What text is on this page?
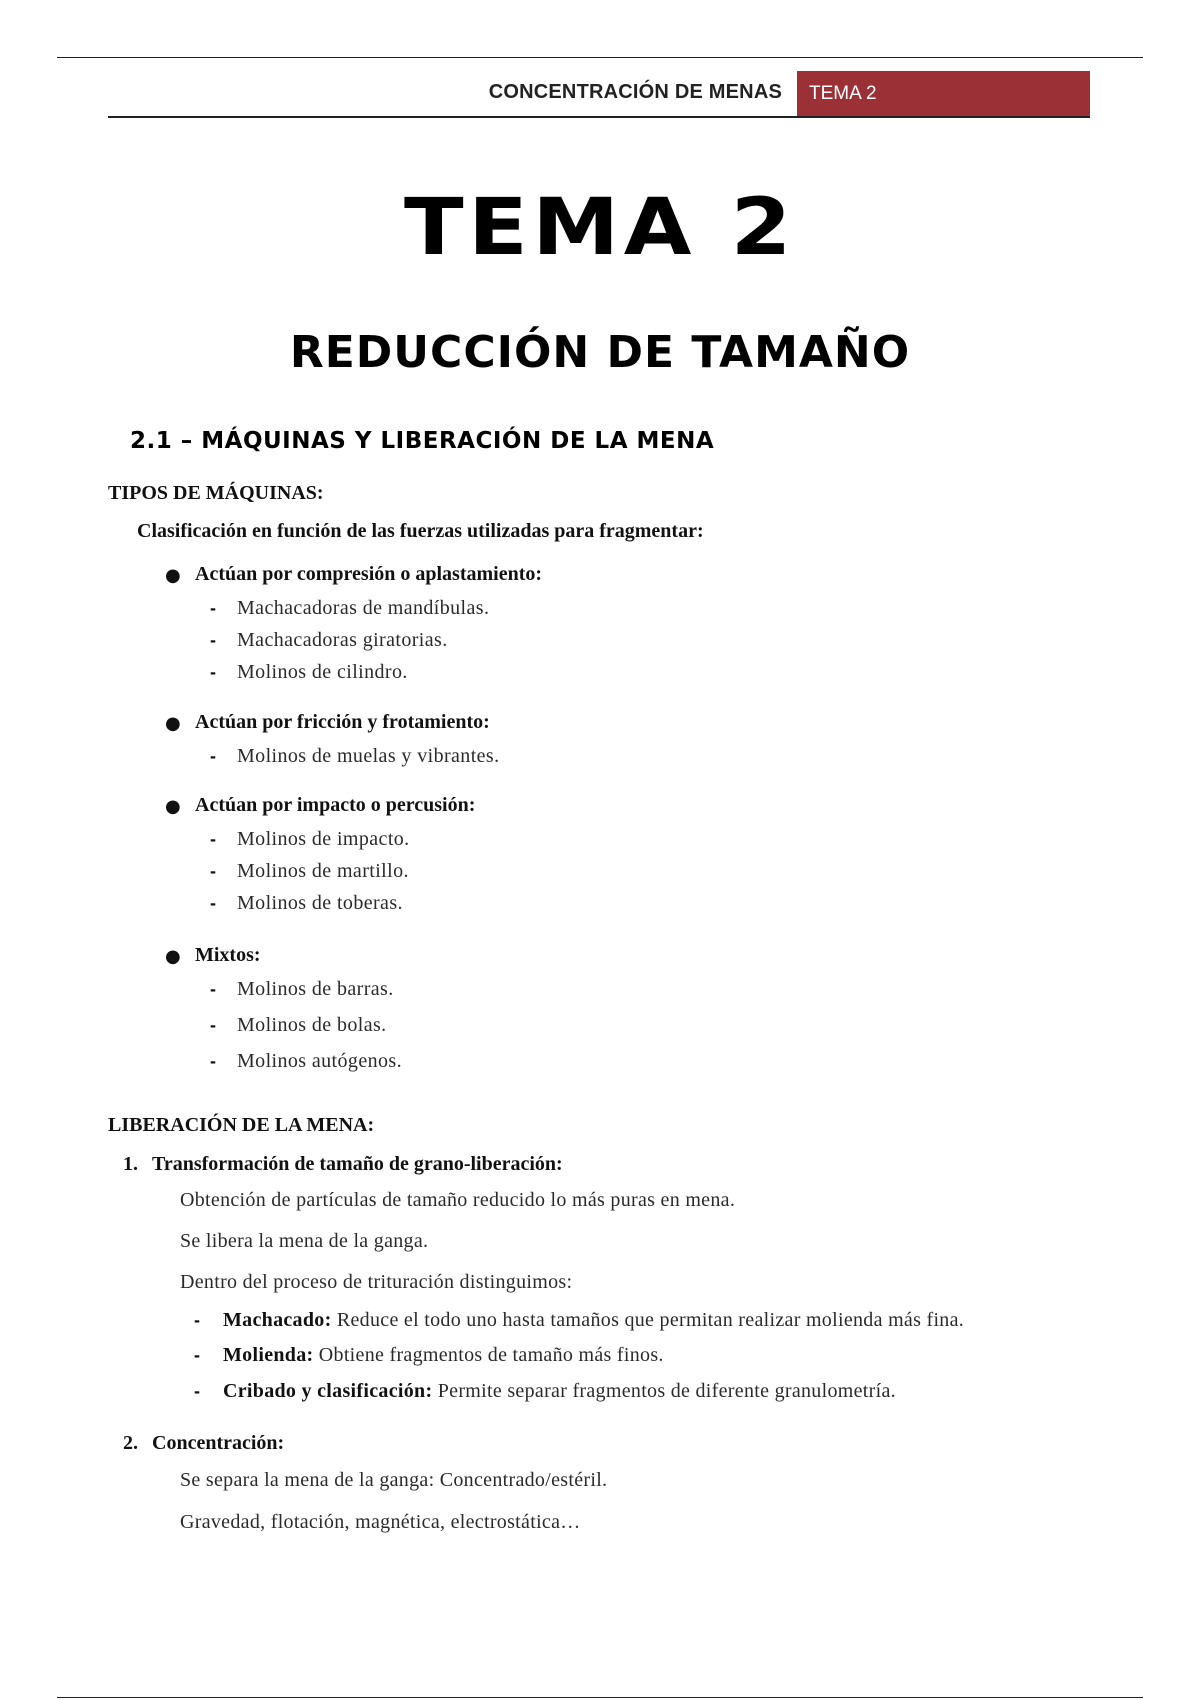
CONCENTRACIÓN DE MENAS	TEMA 2
TEMA 2
REDUCCIÓN DE TAMAÑO
2.1 – MÁQUINAS Y LIBERACIÓN DE LA MENA
TIPOS DE MÁQUINAS:
Clasificación en función de las fuerzas utilizadas para fragmentar:
● Actúan por compresión o aplastamiento:
- Machacadoras de mandíbulas.
- Machacadoras giratorias.
- Molinos de cilindro.
● Actúan por fricción y frotamiento:
- Molinos de muelas y vibrantes.
● Actúan por impacto o percusión:
- Molinos de impacto.
- Molinos de martillo.
- Molinos de toberas.
● Mixtos:
- Molinos de barras.
- Molinos de bolas.
- Molinos autógenos.
LIBERACIÓN DE LA MENA:
1. Transformación de tamaño de grano-liberación:
Obtención de partículas de tamaño reducido lo más puras en mena.
Se libera la mena de la ganga.
Dentro del proceso de trituración distinguimos:
- Machacado: Reduce el todo uno hasta tamaños que permitan realizar molienda más fina.
- Molienda: Obtiene fragmentos de tamaño más finos.
- Cribado y clasificación: Permite separar fragmentos de diferente granulometría.
2. Concentración:
Se separa la mena de la ganga: Concentrado/estéril.
Gravedad, flotación, magnética, electrostática…
